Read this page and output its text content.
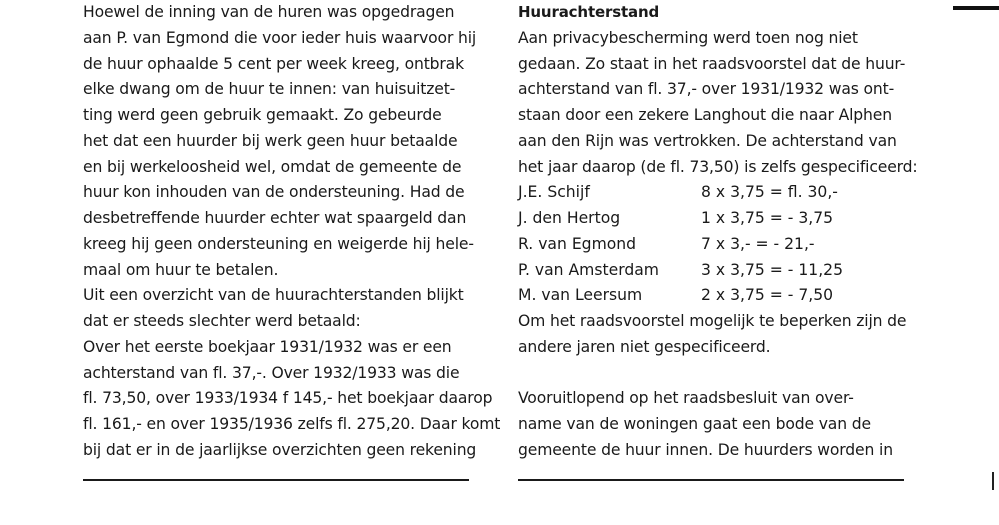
Hoewel de inning van de huren was opgedragen
aan P. van Egmond die voor ieder huis waarvoor hij
de huur ophaalde 5 cent per week kreeg, ontbrak
elke dwang om de huur te innen: van huisuitzet-
ting werd geen gebruik gemaakt. Zo gebeurde
het dat een huurder bij werk geen huur betaalde
en bij werkeloosheid wel, omdat de gemeente de
huur kon inhouden van de ondersteuning. Had de
desbetreffende huurder echter wat spaargeld dan
kreeg hij geen ondersteuning en weigerde hij hele-
maal om huur te betalen.
Uit een overzicht van de huurachterstanden blijkt
dat er steeds slechter werd betaald:
Over het eerste boekjaar 1931/1932 was er een
achterstand van fl. 37,-. Over 1932/1933 was die
fl. 73,50, over 1933/1934 f 145,- het boekjaar daarop
fl. 161,- en over 1935/1936 zelfs fl. 275,20. Daar komt
bij dat er in de jaarlijkse overzichten geen rekening
Huurachterstand
Aan privacybescherming werd toen nog niet
gedaan. Zo staat in het raadsvoorstel dat de huur-
achterstand van fl. 37,- over 1931/1932 was ont-
staan door een zekere Langhout die naar Alphen
aan den Rijn was vertrokken. De achterstand van
het jaar daarop (de fl. 73,50) is zelfs gespecificeerd:
J.E. Schijf	8 x 3,75 = fl. 30,-
J. den Hertog	1 x 3,75 = - 3,75
R. van Egmond	7 x 3,- = - 21,-
P. van Amsterdam	3 x 3,75 = - 11,25
M. van Leersum	2 x 3,75 = - 7,50
Om het raadsvoorstel mogelijk te beperken zijn de
andere jaren niet gespecificeerd.
Vooruitlopend op het raadsbesluit van over-
name van de woningen gaat een bode van de
gemeente de huur innen. De huurders worden in
